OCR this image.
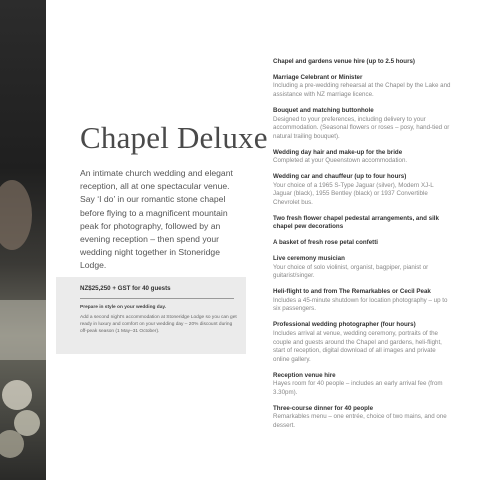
Chapel Deluxe
An intimate church wedding and elegant reception, all at one spectacular venue. Say ‘I do’ in our romantic stone chapel before flying to a magnificent mountain peak for photography, followed by an evening reception – then spend your wedding night together in Stoneridge Lodge.
NZ$25,250 + GST for 40 guests
Prepare in style on your wedding day.
Add a second night’s accommodation at Stoneridge Lodge so you can get ready in luxury and comfort on your wedding day – 20% discount during off-peak season (1 May–31 October).
Chapel and gardens venue hire (up to 2.5 hours)
Marriage Celebrant or Minister
Including a pre-wedding rehearsal at the Chapel by the Lake and assistance with NZ marriage licence.
Bouquet and matching buttonhole
Designed to your preferences, including delivery to your accommodation. (Seasonal flowers or roses – posy, hand-tied or natural trailing bouquet).
Wedding day hair and make-up for the bride
Completed at your Queenstown accommodation.
Wedding car and chauffeur (up to four hours)
Your choice of a 1965 S-Type Jaguar (silver), Modern XJ-L Jaguar (black), 1955 Bentley (black) or 1937 Convertible Chevrolet bus.
Two fresh flower chapel pedestal arrangements, and silk chapel pew decorations
A basket of fresh rose petal confetti
Live ceremony musician
Your choice of solo violinist, organist, bagpiper, pianist or guitarist/singer.
Heli-flight to and from The Remarkables or Cecil Peak
Includes a 45-minute shutdown for location photography – up to six passengers.
Professional wedding photographer (four hours)
Includes arrival at venue, wedding ceremony, portraits of the couple and guests around the Chapel and gardens, heli-flight, start of reception, digital download of all images and private online gallery.
Reception venue hire
Hayes room for 40 people – includes an early arrival fee (from 3.30pm).
Three-course dinner for 40 people
Remarkables menu – one entrée, choice of two mains, and one dessert.
